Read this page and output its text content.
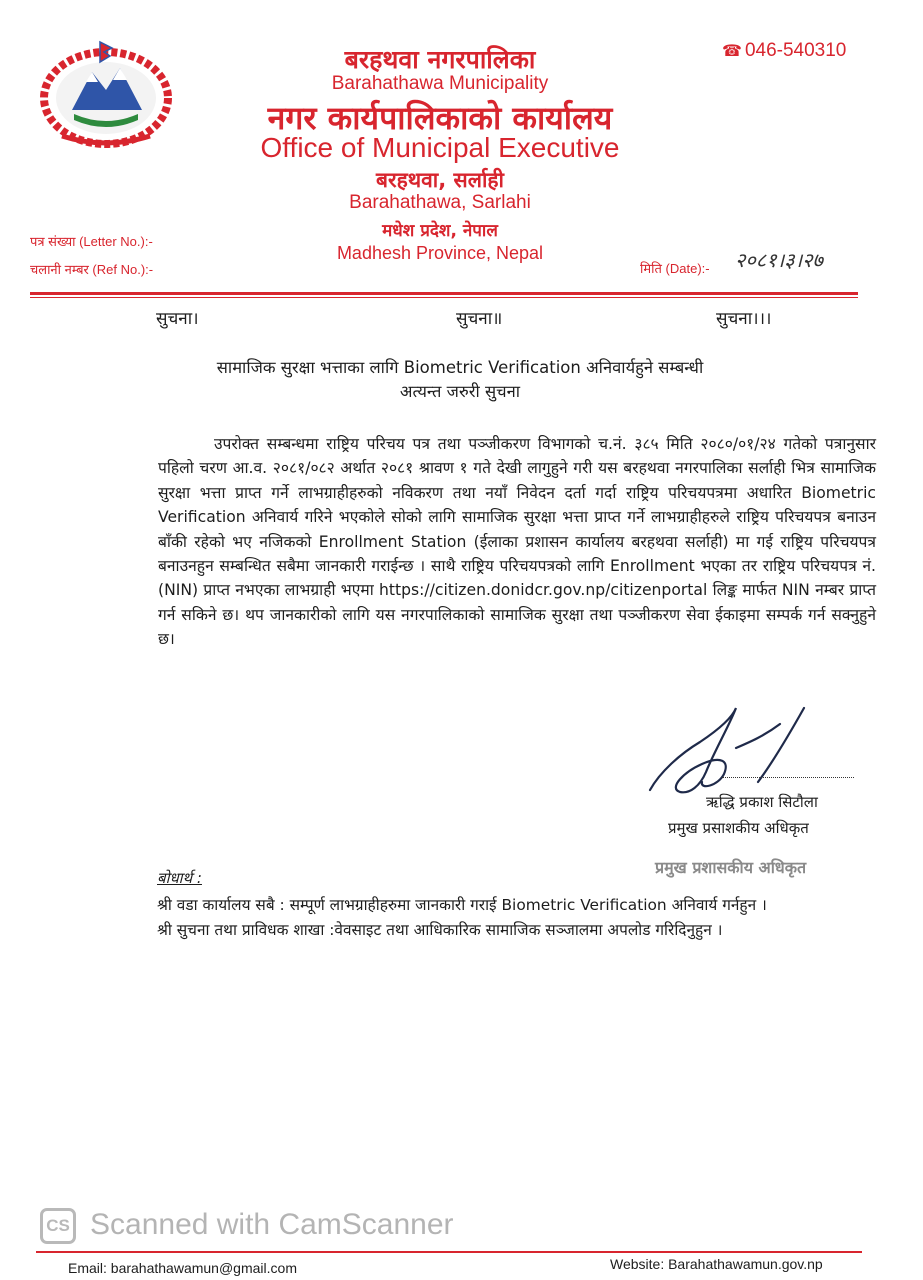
बरहथवा नगरपालिका
Barahathawa Municipality
नगर कार्यपालिकाको कार्यालय
Office of Municipal Executive
बरहथवा, सर्लाही
Barahathawa, Sarlahi
मधेश प्रदेश, नेपाल
Madhesh Province, Nepal
☎ 046-540310
पत्र संख्या (Letter No.):-
चलानी नम्बर (Ref No.):-	मिति (Date):- २०८१।३।२७
सुचना।	सुचना॥	सुचना।।।
सामाजिक सुरक्षा भत्ताका लागि Biometric Verification अनिवार्यहुने सम्बन्धी
अत्यन्त जरुरी सुचना

उपरोक्त सम्बन्धमा राष्ट्रिय परिचय पत्र तथा पञ्जीकरण विभागको च.नं. ३८५ मिति २०८०/०१/२४ गतेको पत्रानुसार पहिलो चरण आ.व. २०८१/०८२ अर्थात २०८१ श्रावण १ गते देखी लागुहुने गरी यस बरहथवा नगरपालिका सर्लाही भित्र सामाजिक सुरक्षा भत्ता प्राप्त गर्ने लाभग्राहीहरुको नविकरण तथा नयाँ निवेदन दर्ता गर्दा राष्ट्रिय परिचयपत्रमा अधारित Biometric Verification अनिवार्य गरिने भएकोले सोको लागि सामाजिक सुरक्षा भत्ता प्राप्त गर्ने लाभग्राहीहरुले राष्ट्रिय परिचयपत्र बनाउन बाँकी रहेको भए नजिकको Enrollment Station (ईलाका प्रशासन कार्यालय बरहथवा सर्लाही) मा गई राष्ट्रिय परिचयपत्र बनाउनहुन सम्बन्धित सबैमा जानकारी गराईन्छ । साथै राष्ट्रिय परिचयपत्रको लागि Enrollment भएका तर राष्ट्रिय परिचयपत्र नं. (NIN) प्राप्त नभएका लाभग्राही भएमा https://citizen.donidcr.gov.np/citizenportal लिङ्क मार्फत NIN नम्बर प्राप्त गर्न सकिने छ। थप जानकारीको लागि यस नगरपालिकाको सामाजिक सुरक्षा तथा पञ्जीकरण सेवा ईकाइमा सम्पर्क गर्न सक्नुहुने छ।

ऋद्धि प्रकाश सिटौला
प्रमुख प्रसाशकीय अधिकृत
प्रमुख प्रशासकीय अधिकृत
बोधार्थ :

श्री वडा कार्यालय सबै : सम्पूर्ण लाभग्राहीहरुमा जानकारी गराई Biometric Verification अनिवार्य गर्नहुन ।

श्री सुचना तथा प्राविधक शाखा :वेवसाइट तथा आधिकारिक सामाजिक सञ्जालमा अपलोड गरिदिनुहुन ।

CS Scanned with CamScanner
Email: barahathawamun@gmail.com	Website: Barahathawamun.gov.np
